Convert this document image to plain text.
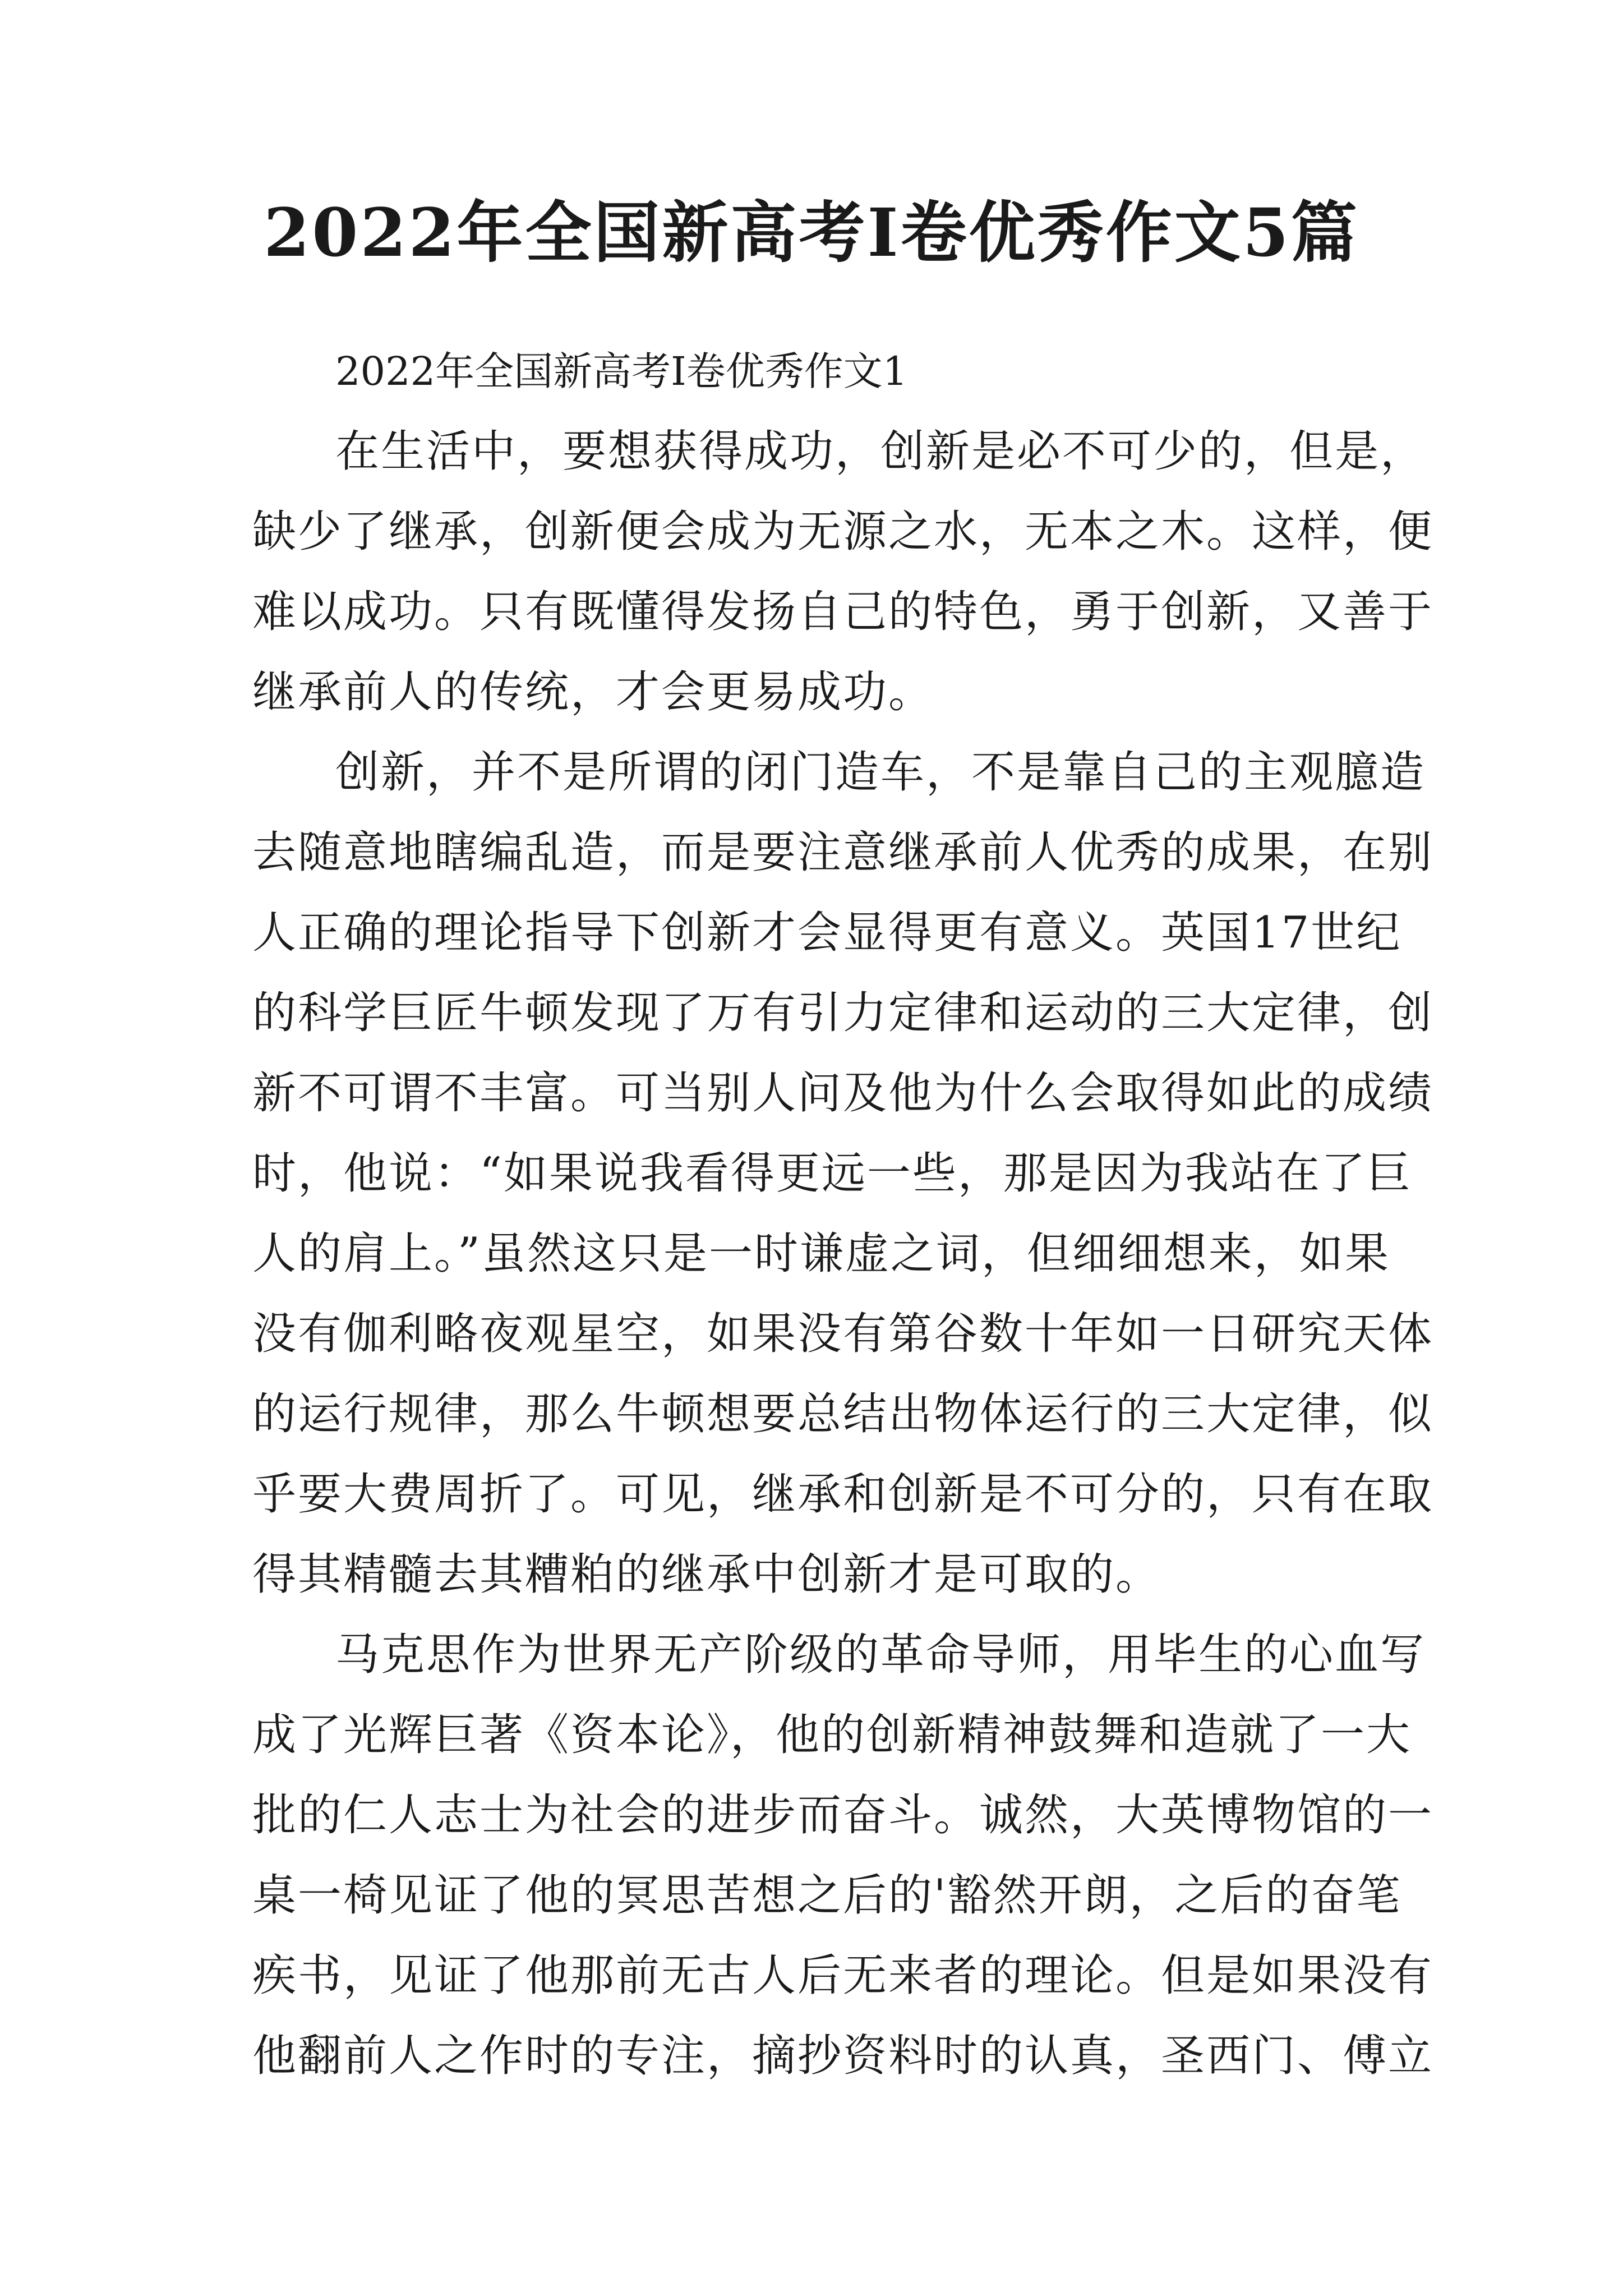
2022年全国新高考I卷优秀作文5篇

2022年全国新高考I卷优秀作文1

在生活中，要想获得成功，创新是必不可少的，但是，
缺少了继承，创新便会成为无源之水，无本之木。这样，便
难以成功。只有既懂得发扬自己的特色，勇于创新，又善于
继承前人的传统，才会更易成功。
创新，并不是所谓的闭门造车，不是靠自己的主观臆造
去随意地瞎编乱造，而是要注意继承前人优秀的成果，在别
人正确的理论指导下创新才会显得更有意义。英国17世纪
的科学巨匠牛顿发现了万有引力定律和运动的三大定律，创
新不可谓不丰富。可当别人问及他为什么会取得如此的成绩
时，他说：“如果说我看得更远一些，那是因为我站在了巨
人的肩上。”虽然这只是一时谦虚之词，但细细想来，如果
没有伽利略夜观星空，如果没有第谷数十年如一日研究天体
的运行规律，那么牛顿想要总结出物体运行的三大定律，似
乎要大费周折了。可见，继承和创新是不可分的，只有在取
得其精髓去其糟粕的继承中创新才是可取的。
马克思作为世界无产阶级的革命导师，用毕生的心血写
成了光辉巨著《资本论》，他的创新精神鼓舞和造就了一大
批的仁人志士为社会的进步而奋斗。诚然，大英博物馆的一
桌一椅见证了他的冥思苦想之后的'豁然开朗，之后的奋笔
疾书，见证了他那前无古人后无来者的理论。但是如果没有
他翻前人之作时的专注，摘抄资料时的认真，圣西门、傅立
